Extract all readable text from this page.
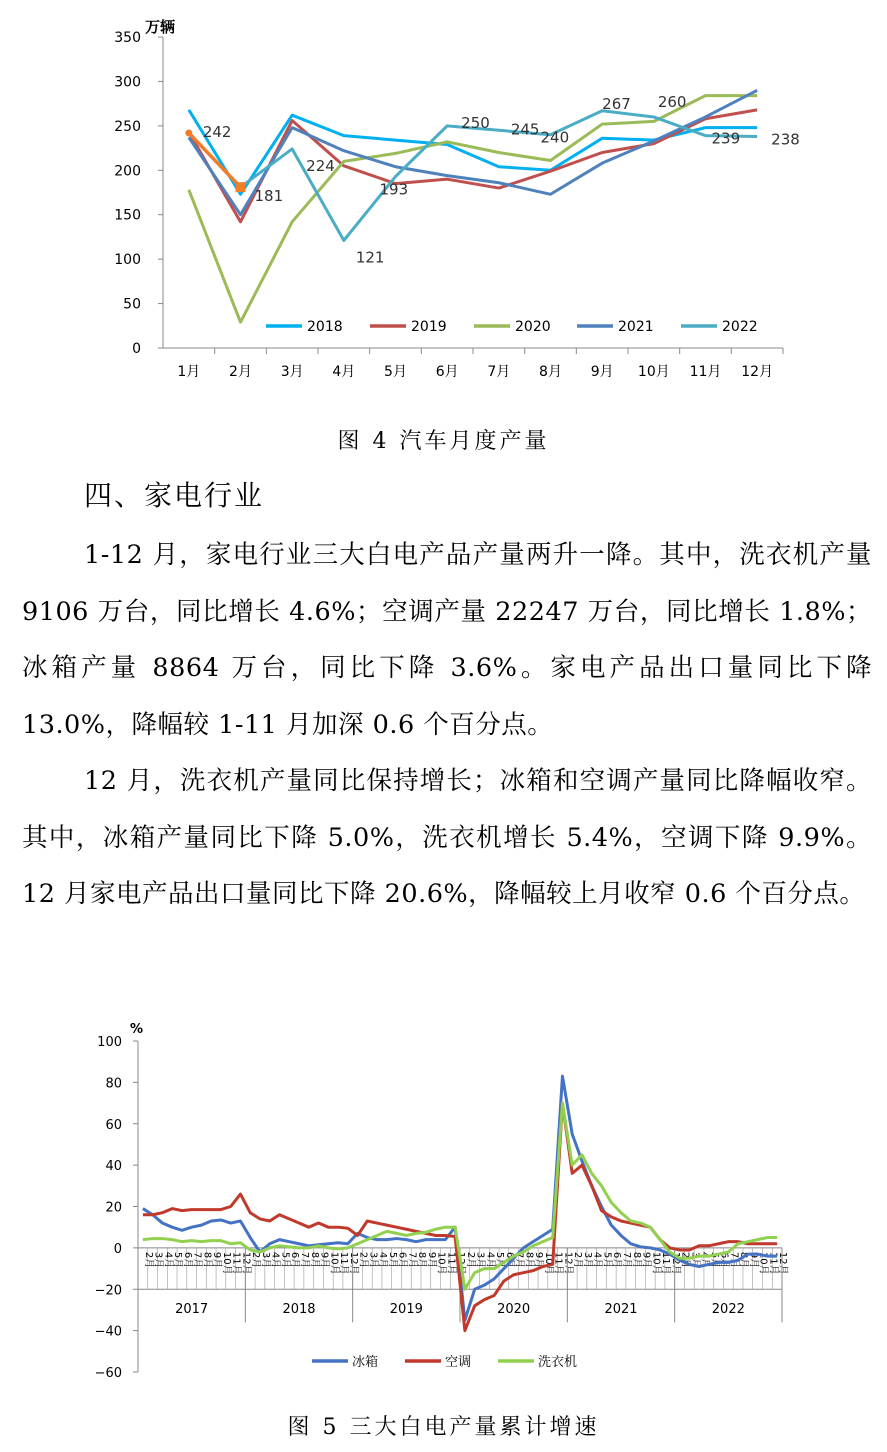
0
50
100
150
200
250
300
350
1月 2月 3月 4月 5月 6月 7月 8月 9月 10月 11月 12月
242
181
224
121
193
250 245 240
267 260
239 238
2018	2019	2020	2021	2022
万辆
图 4 汽车月度产量
四、家电行业

1-12 月，家电行业三大白电产品产量两升一降。其中，洗衣机产量 9106 万台，同比增长 4.6%；空调产量 22247 万台，同比增长 1.8%；冰箱产量 8864 万台，同比下降 3.6%。家电产品出口量同比下降 13.0%，降幅较 1-11 月加深 0.6 个百分点。

12 月，洗衣机产量同比保持增长；冰箱和空调产量同比降幅收窄。其中，冰箱产量同比下降 5.0%，洗衣机增长 5.4%，空调下降 9.9%。12 月家电产品出口量同比下降 20.6%，降幅较上月收窄 0.6 个百分点。

−60
−40
−20
0
20
40
60
80
100
2月
3月
4月
5月
6月
7月
8月
9月
10月
11月
12月
2月
3月
4月
5月
6月
7月
8月
9月
10月
11月
12月
2月
3月
4月
5月
6月
7月
8月
9月
10月
11月
12月
2月
3月
4月
5月
6月
7月
8月
9月
10月
11月
12月
2月
3月
4月
5月
6月
7月
8月
9月
10月
11月
12月
2月
3月
4月
5月
6月
7月
8月
9月
10月
11月
12月
2017	2018	2019	2020	2021	2022
冰箱	空调	洗衣机
%
图 5 三大白电产量累计增速
